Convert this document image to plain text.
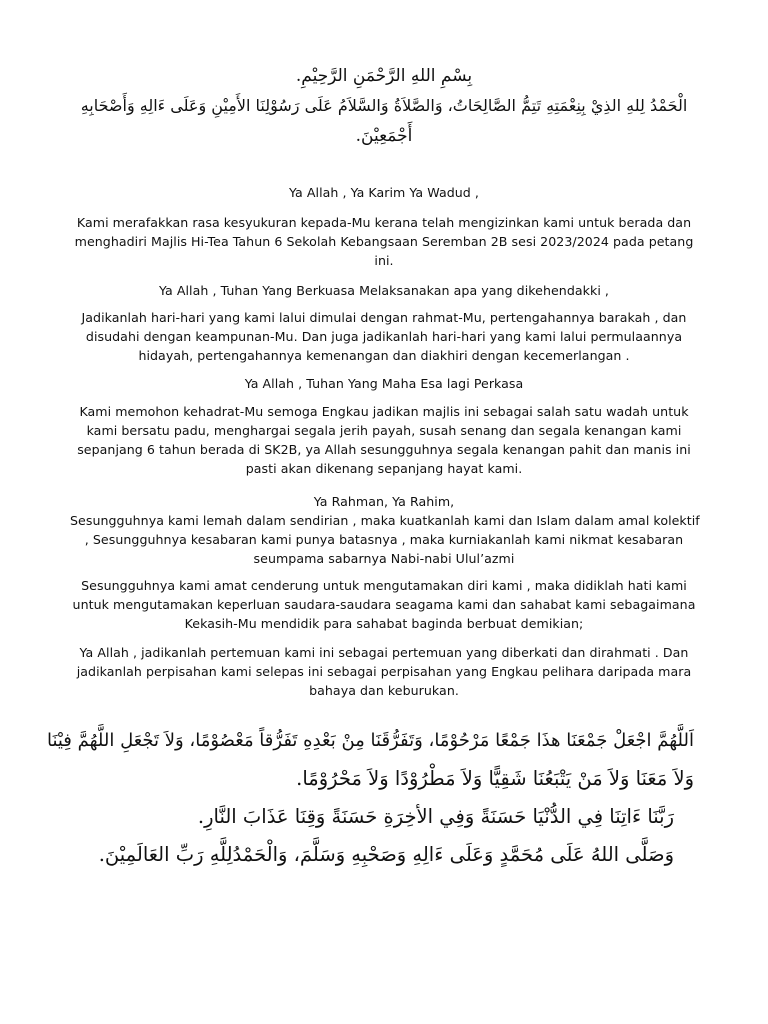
بِسْمِ اللهِ الرَّحْمَنِ الرَّحِيْمِ.
الْحَمْدُ لِلهِ الذِيْ بِنِعْمَتِهِ تَتِمُّ الصَّالِحَاتُ، وَالصَّلاَةُ وَالسَّلاَمُ عَلَى رَسُوْلِنَا الأَمِيْنِ وَعَلَى ءَالِهِ وَأَصْحَابِهِ
أَجْمَعِيْنَ.
Ya Allah , Ya Karim Ya Wadud ,
Kami merafakkan rasa kesyukuran kepada-Mu kerana telah mengizinkan kami untuk berada dan
menghadiri Majlis Hi-Tea Tahun 6 Sekolah Kebangsaan Seremban 2B sesi 2023/2024 pada petang
ini.
Ya Allah , Tuhan Yang Berkuasa Melaksanakan apa yang dikehendakki ,
Jadikanlah hari-hari yang kami lalui dimulai dengan rahmat-Mu, pertengahannya barakah , dan
disudahi dengan keampunan-Mu. Dan juga jadikanlah hari-hari yang kami lalui permulaannya
hidayah, pertengahannya kemenangan dan diakhiri dengan kecemerlangan .
Ya Allah , Tuhan Yang Maha Esa lagi Perkasa
Kami memohon kehadrat-Mu semoga Engkau jadikan majlis ini sebagai salah satu wadah untuk
kami bersatu padu, menghargai segala jerih payah, susah senang dan segala kenangan kami
sepanjang 6 tahun berada di SK2B, ya Allah sesungguhnya segala kenangan pahit dan manis ini
pasti akan dikenang sepanjang hayat kami.
Ya Rahman, Ya Rahim,
Sesungguhnya kami lemah dalam sendirian , maka kuatkanlah kami dan Islam dalam amal kolektif
, Sesungguhnya kesabaran kami punya batasnya , maka kurniakanlah kami nikmat kesabaran
seumpama sabarnya Nabi-nabi Ulul’azmi
Sesungguhnya kami amat cenderung untuk mengutamakan diri kami , maka didiklah hati kami
untuk mengutamakan keperluan saudara-saudara seagama kami dan sahabat kami sebagaimana
Kekasih-Mu mendidik para sahabat baginda berbuat demikian;
Ya Allah , jadikanlah pertemuan kami ini sebagai pertemuan yang diberkati dan dirahmati . Dan
jadikanlah perpisahan kami selepas ini sebagai perpisahan yang Engkau pelihara daripada mara
bahaya dan keburukan.
اَللَّهُمَّ اجْعَلْ جَمْعَنَا هذَا جَمْعًا مَرْحُوْمًا، وَتَفَرُّقَنَا مِنْ بَعْدِهِ تَفَرُّقاً مَعْصُوْمًا، وَلاَ تَجْعَلِ اللَّهُمَّ فِيْنَا
وَلاَ مَعَنَا وَلاَ مَنْ يَتْبَعُنَا شَقِيًّا وَلاَ مَطْرُوْدًا وَلاَ مَحْرُوْمًا.
رَبَّنَا ءَاتِنَا فِي الدُّنْيَا حَسَنَةً وَفِي الأخِرَةِ حَسَنَةً وَقِنَا عَذَابَ النَّارِ.
وَصَلَّى اللهُ عَلَى مُحَمَّدٍ وَعَلَى ءَالِهِ وَصَحْبِهِ وَسَلَّمَ، وَالْحَمْدُلِلَّهِ رَبِّ العَالَمِيْنَ.
